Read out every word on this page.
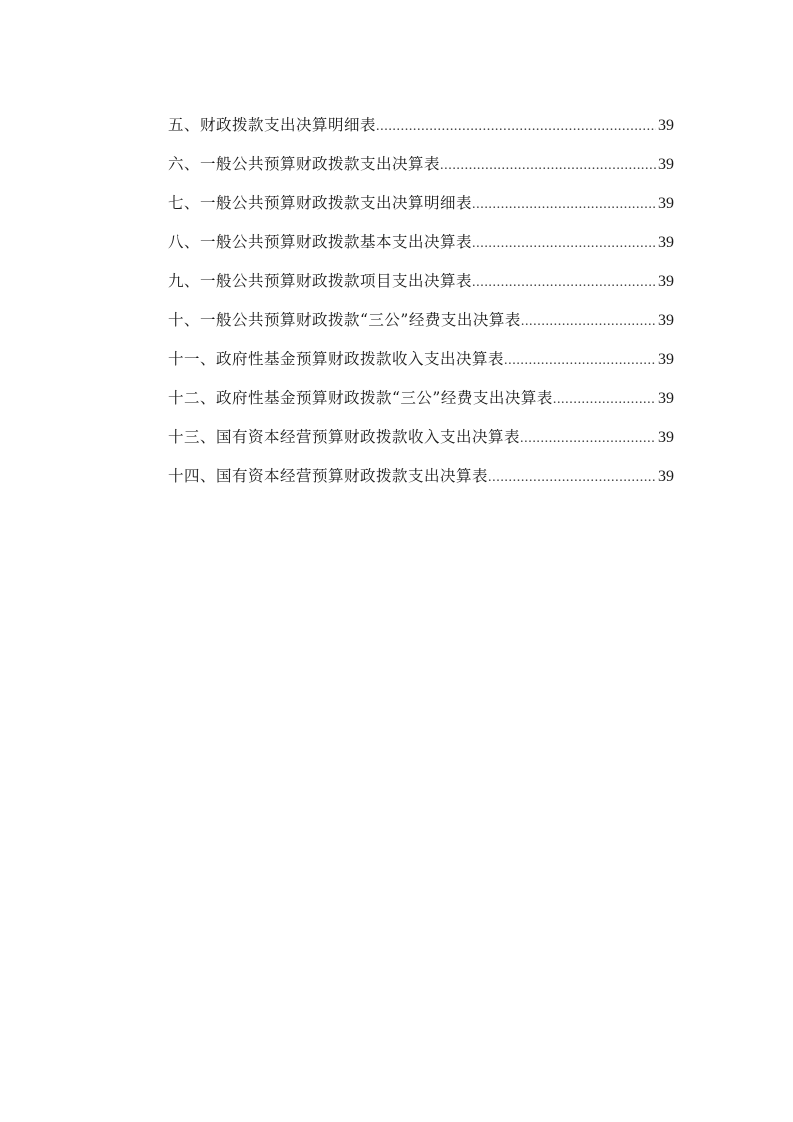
五、财政拨款支出决算明细表 .....	39
六、一般公共预算财政拨款支出决算表 .....	39
七、一般公共预算财政拨款支出决算明细表 .....	39
八、一般公共预算财政拨款基本支出决算表 .....	39
九、一般公共预算财政拨款项目支出决算表 .....	39
十、一般公共预算财政拨款“三公”经费支出决算表 .....	39
十一、政府性基金预算财政拨款收入支出决算表 .....	39
十二、政府性基金预算财政拨款“三公”经费支出决算表 .....	39
十三、国有资本经营预算财政拨款收入支出决算表 .....	39
十四、国有资本经营预算财政拨款支出决算表 .....	39
